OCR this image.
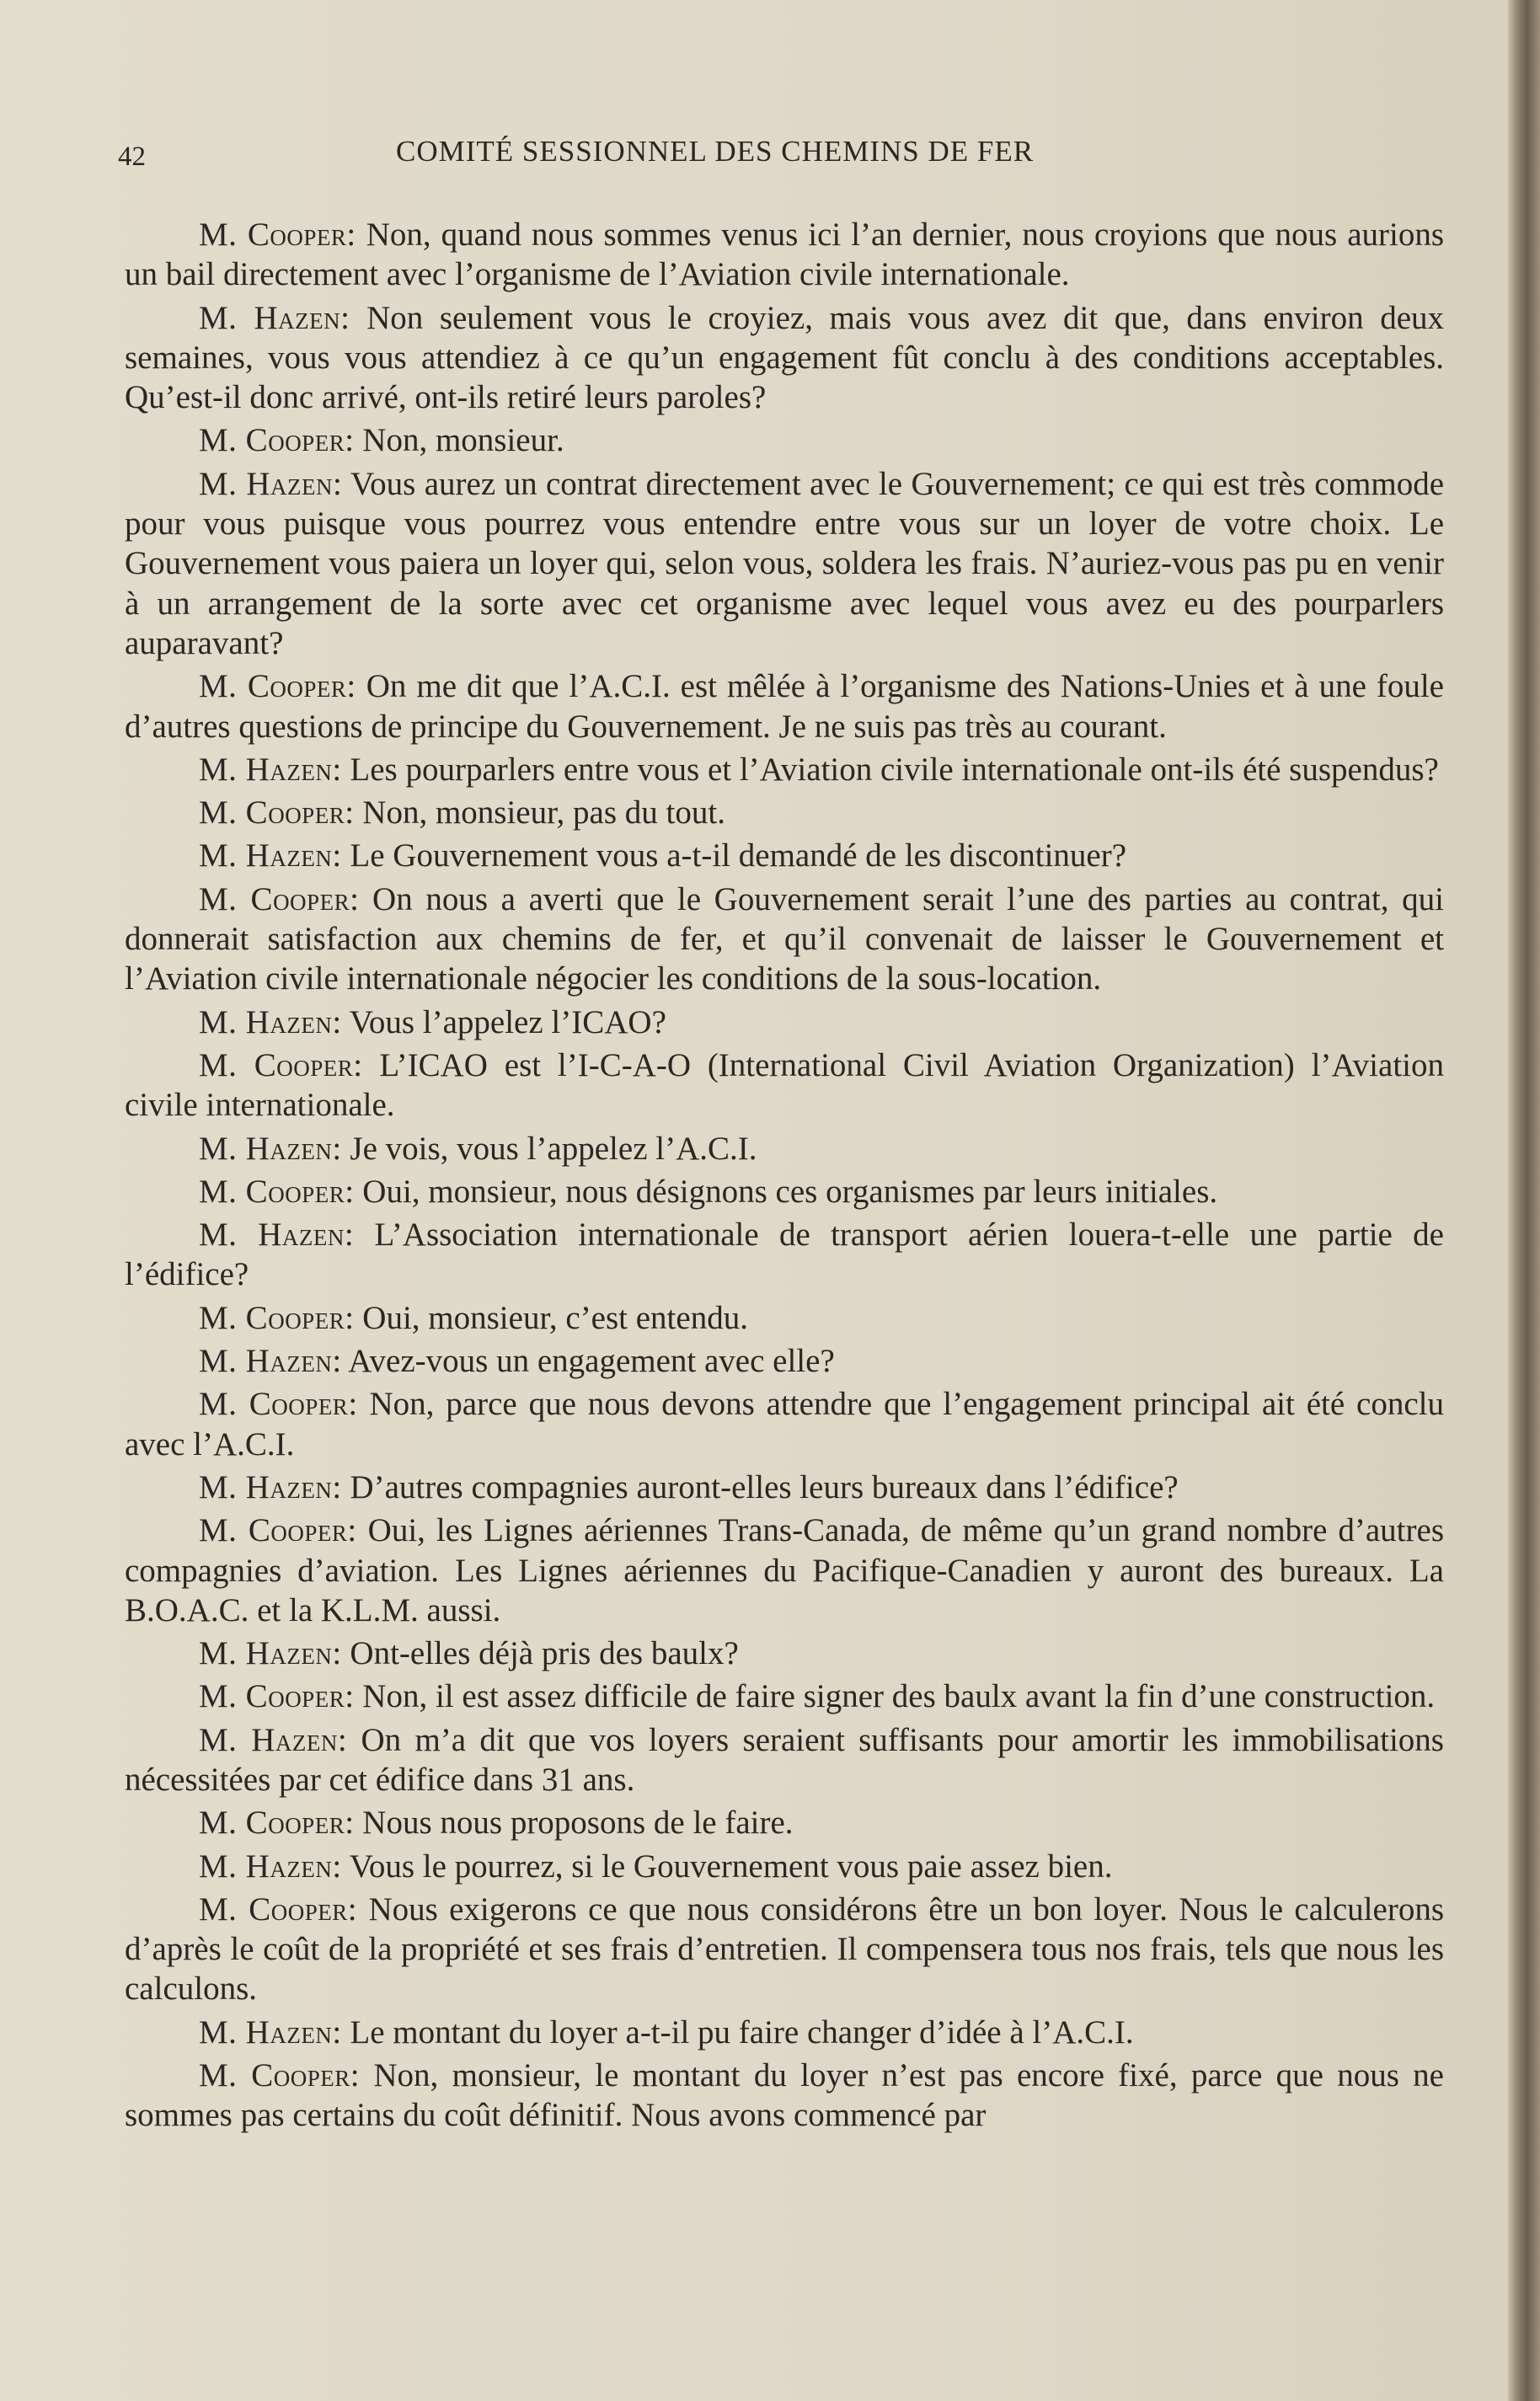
42	COMITÉ SESSIONNEL DES CHEMINS DE FER

M. Cooper: Non, quand nous sommes venus ici l’an dernier, nous croyions que nous aurions un bail directement avec l’organisme de l’Aviation civile internationale.

M. Hazen: Non seulement vous le croyiez, mais vous avez dit que, dans environ deux semaines, vous vous attendiez à ce qu’un engagement fût conclu à des conditions acceptables. Qu’est-il donc arrivé, ont-ils retiré leurs paroles?

M. Cooper: Non, monsieur.

M. Hazen: Vous aurez un contrat directement avec le Gouvernement; ce qui est très commode pour vous puisque vous pourrez vous entendre entre vous sur un loyer de votre choix. Le Gouvernement vous paiera un loyer qui, selon vous, soldera les frais. N’auriez-vous pas pu en venir à un arrangement de la sorte avec cet organisme avec lequel vous avez eu des pourparlers auparavant?

M. Cooper: On me dit que l’A.C.I. est mêlée à l’organisme des Nations-Unies et à une foule d’autres questions de principe du Gouvernement. Je ne suis pas très au courant.

M. Hazen: Les pourparlers entre vous et l’Aviation civile internationale ont-ils été suspendus?

M. Cooper: Non, monsieur, pas du tout.

M. Hazen: Le Gouvernement vous a-t-il demandé de les discontinuer?

M. Cooper: On nous a averti que le Gouvernement serait l’une des parties au contrat, qui donnerait satisfaction aux chemins de fer, et qu’il convenait de laisser le Gouvernement et l’Aviation civile internationale négocier les conditions de la sous-location.

M. Hazen: Vous l’appelez l’ICAO?

M. Cooper: L’ICAO est l’I-C-A-O (International Civil Aviation Organization) l’Aviation civile internationale.

M. Hazen: Je vois, vous l’appelez l’A.C.I.

M. Cooper: Oui, monsieur, nous désignons ces organismes par leurs initiales.

M. Hazen: L’Association internationale de transport aérien louera-t-elle une partie de l’édifice?

M. Cooper: Oui, monsieur, c’est entendu.

M. Hazen: Avez-vous un engagement avec elle?

M. Cooper: Non, parce que nous devons attendre que l’engagement principal ait été conclu avec l’A.C.I.

M. Hazen: D’autres compagnies auront-elles leurs bureaux dans l’édifice?

M. Cooper: Oui, les Lignes aériennes Trans-Canada, de même qu’un grand nombre d’autres compagnies d’aviation. Les Lignes aériennes du Pacifique-Canadien y auront des bureaux. La B.O.A.C. et la K.L.M. aussi.

M. Hazen: Ont-elles déjà pris des baulx?

M. Cooper: Non, il est assez difficile de faire signer des baulx avant la fin d’une construction.

M. Hazen: On m’a dit que vos loyers seraient suffisants pour amortir les immobilisations nécessitées par cet édifice dans 31 ans.

M. Cooper: Nous nous proposons de le faire.

M. Hazen: Vous le pourrez, si le Gouvernement vous paie assez bien.

M. Cooper: Nous exigerons ce que nous considérons être un bon loyer. Nous le calculerons d’après le coût de la propriété et ses frais d’entretien. Il compensera tous nos frais, tels que nous les calculons.

M. Hazen: Le montant du loyer a-t-il pu faire changer d’idée à l’A.C.I.

M. Cooper: Non, monsieur, le montant du loyer n’est pas encore fixé, parce que nous ne sommes pas certains du coût définitif. Nous avons commencé par
